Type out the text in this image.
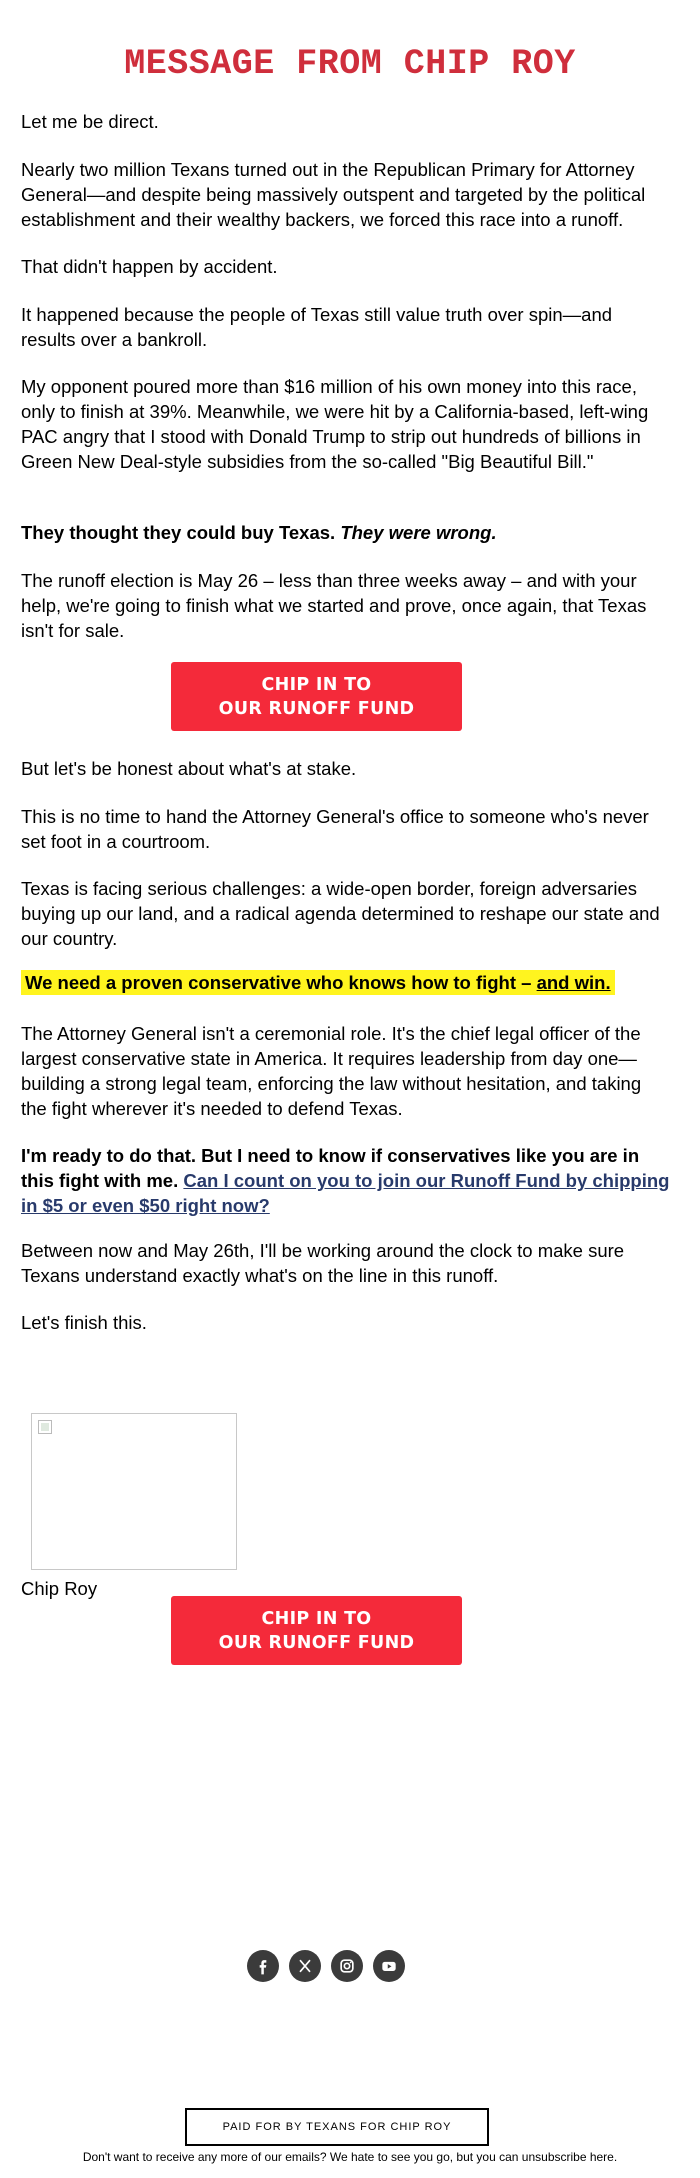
MESSAGE FROM CHIP ROY

Let me be direct.

Nearly two million Texans turned out in the Republican Primary for Attorney General—and despite being massively outspent and targeted by the political establishment and their wealthy backers, we forced this race into a runoff.

That didn't happen by accident.

It happened because the people of Texas still value truth over spin—and results over a bankroll.

My opponent poured more than $16 million of his own money into this race, only to finish at 39%. Meanwhile, we were hit by a California-based, left-wing PAC angry that I stood with Donald Trump to strip out hundreds of billions in Green New Deal-style subsidies from the so-called "Big Beautiful Bill."

They thought they could buy Texas. They were wrong.

The runoff election is May 26 – less than three weeks away – and with your help, we're going to finish what we started and prove, once again, that Texas isn't for sale.

CHIP IN TO
OUR RUNOFF FUND

But let's be honest about what's at stake.

This is no time to hand the Attorney General's office to someone who's never set foot in a courtroom.

Texas is facing serious challenges: a wide-open border, foreign adversaries buying up our land, and a radical agenda determined to reshape our state and our country.

We need a proven conservative who knows how to fight – and win.

The Attorney General isn't a ceremonial role. It's the chief legal officer of the largest conservative state in America. It requires leadership from day one—building a strong legal team, enforcing the law without hesitation, and taking the fight wherever it's needed to defend Texas.

I'm ready to do that. But I need to know if conservatives like you are in this fight with me. Can I count on you to join our Runoff Fund by chipping in $5 or even $50 right now?

Between now and May 26th, I'll be working around the clock to make sure Texans understand exactly what's on the line in this runoff.

Let's finish this.

Chip Roy

CHIP IN TO
OUR RUNOFF FUND
PAID FOR BY TEXANS FOR CHIP ROY
Don't want to receive any more of our emails? We hate to see you go, but you can unsubscribe here.
